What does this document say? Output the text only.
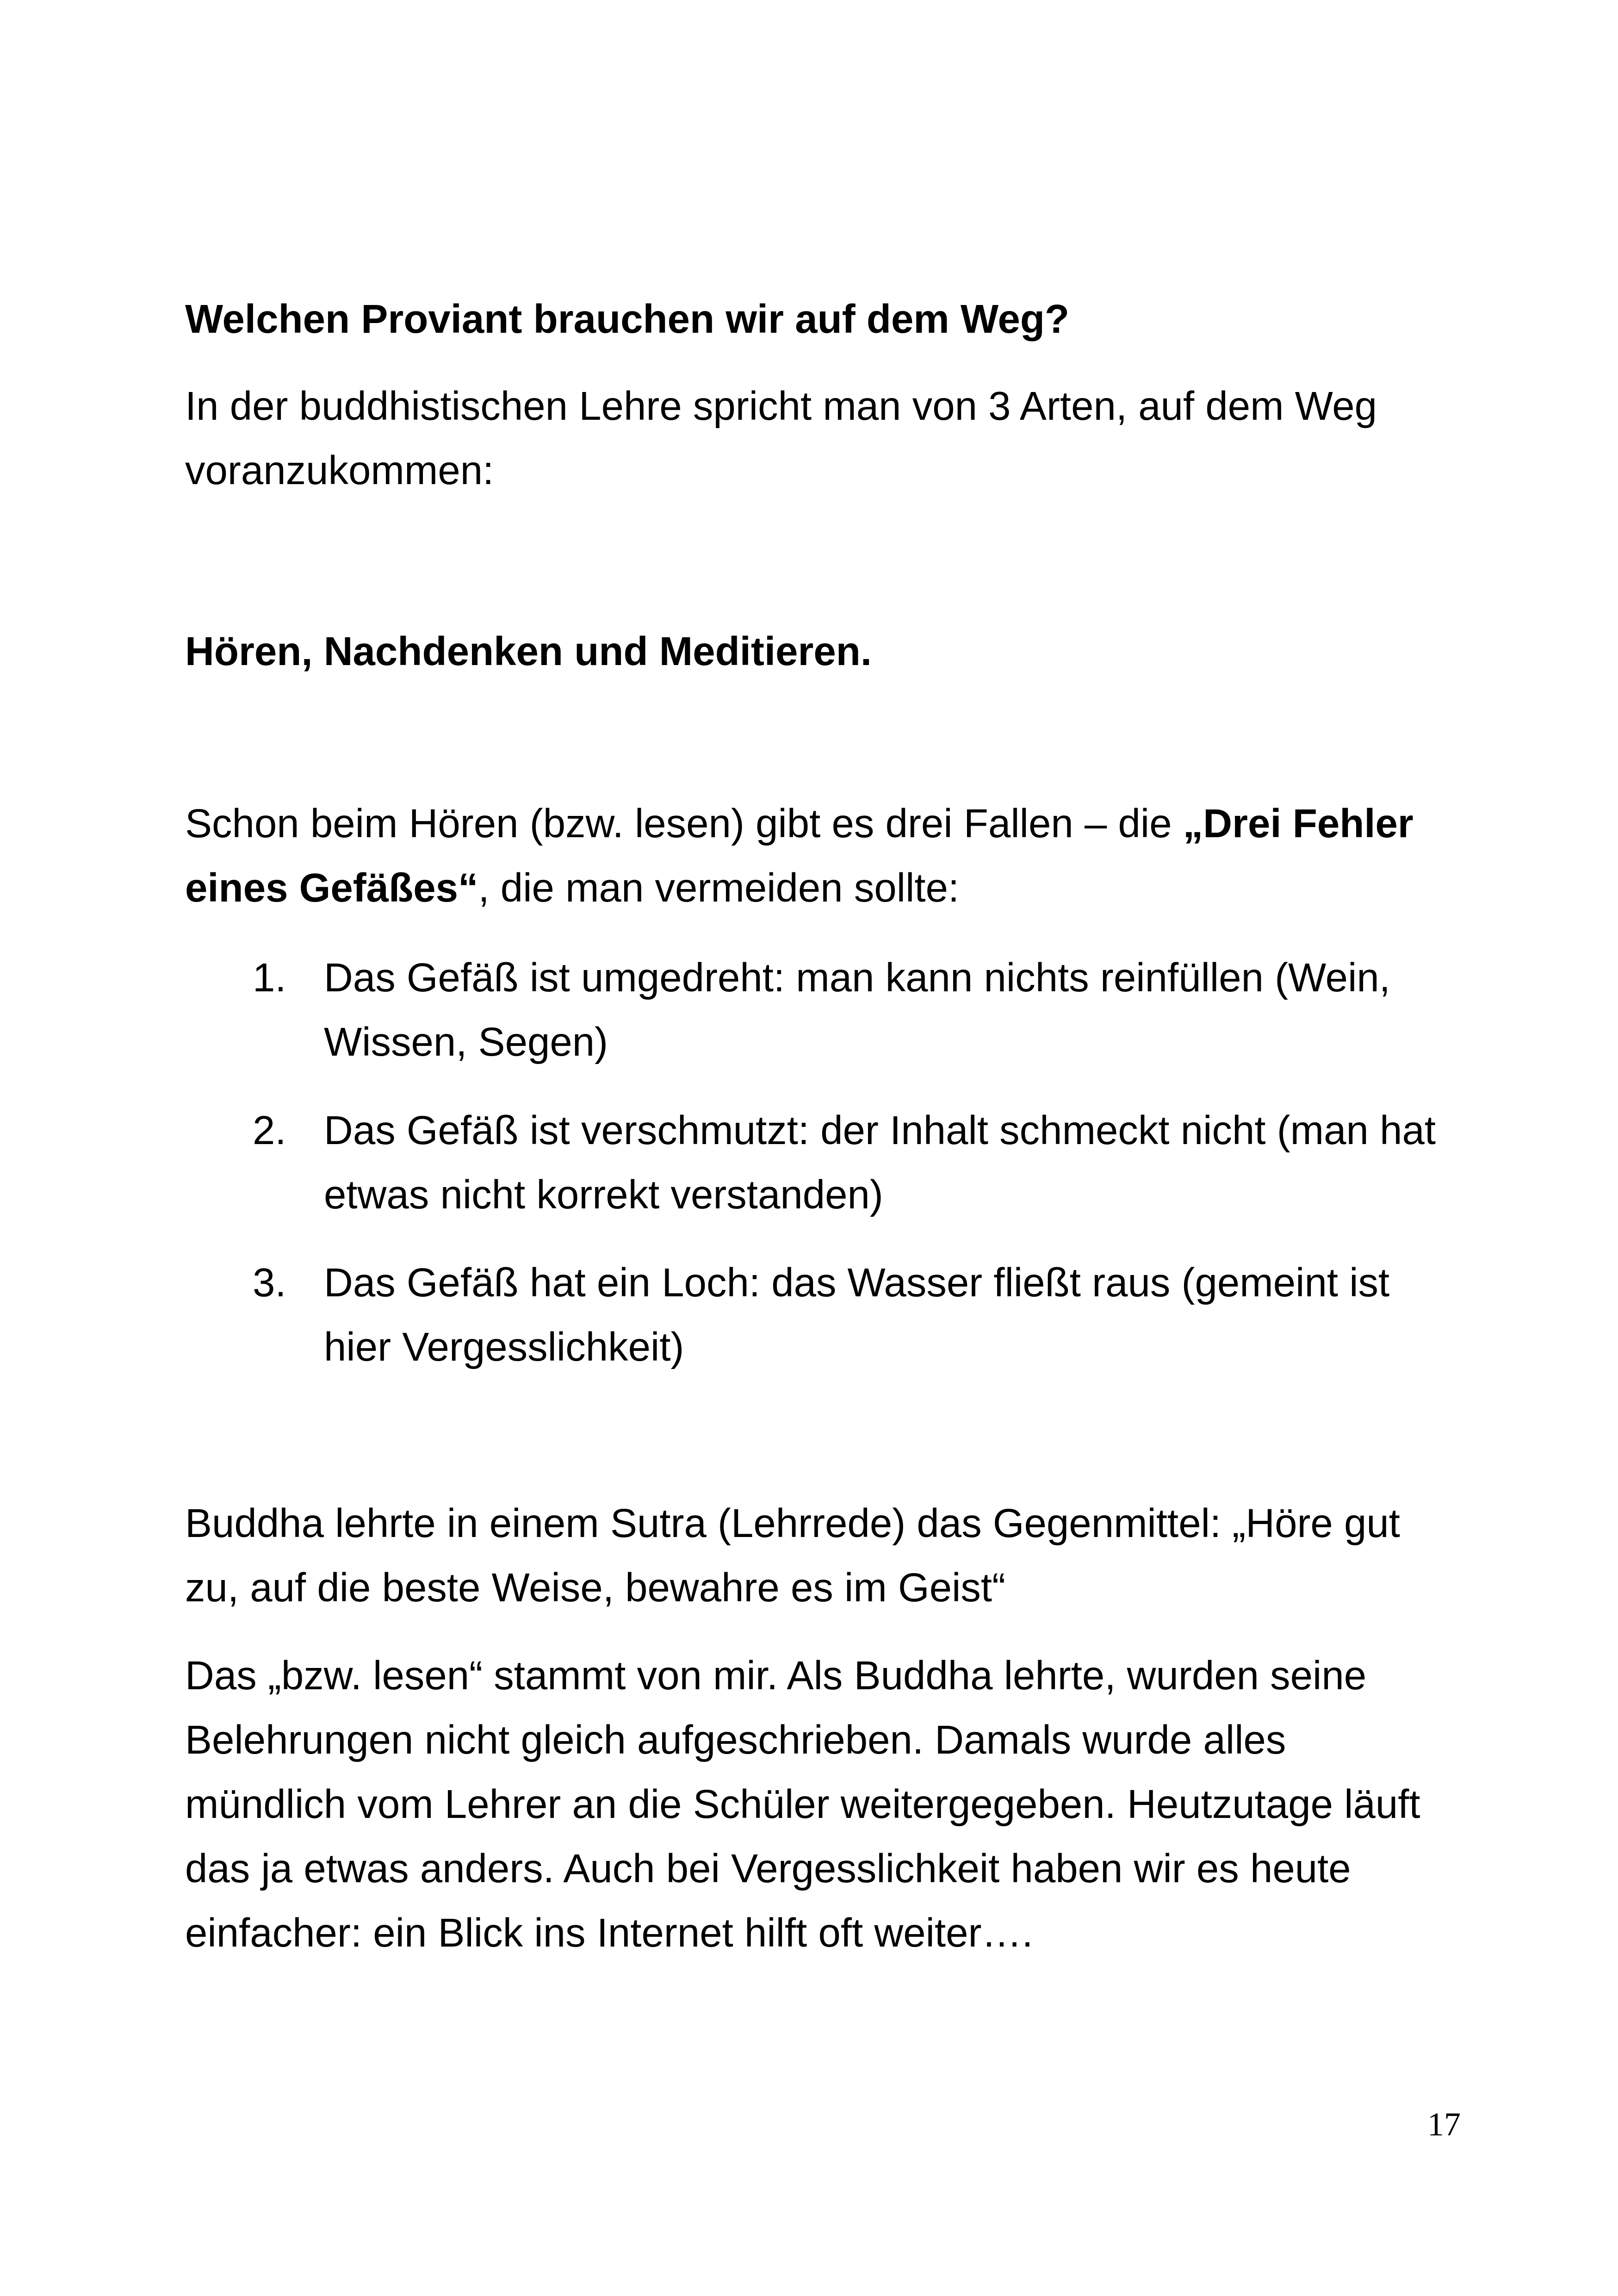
Welchen Proviant brauchen wir auf dem Weg?

In der buddhistischen Lehre spricht man von 3 Arten, auf dem Weg voranzukommen:

Hören, Nachdenken und Meditieren.

Schon beim Hören (bzw. lesen) gibt es drei Fallen – die „Drei Fehler eines Gefäßes“, die man vermeiden sollte:

1. Das Gefäß ist umgedreht: man kann nichts reinfüllen (Wein, Wissen, Segen)
2. Das Gefäß ist verschmutzt: der Inhalt schmeckt nicht (man hat etwas nicht korrekt verstanden)
3. Das Gefäß hat ein Loch: das Wasser fließt raus (gemeint ist hier Vergesslichkeit)

Buddha lehrte in einem Sutra (Lehrrede) das Gegenmittel: „Höre gut zu, auf die beste Weise, bewahre es im Geist“

Das „bzw. lesen“ stammt von mir. Als Buddha lehrte, wurden seine Belehrungen nicht gleich aufgeschrieben. Damals wurde alles mündlich vom Lehrer an die Schüler weitergegeben. Heutzutage läuft das ja etwas anders. Auch bei Vergesslichkeit haben wir es heute einfacher: ein Blick ins Internet hilft oft weiter….

17
